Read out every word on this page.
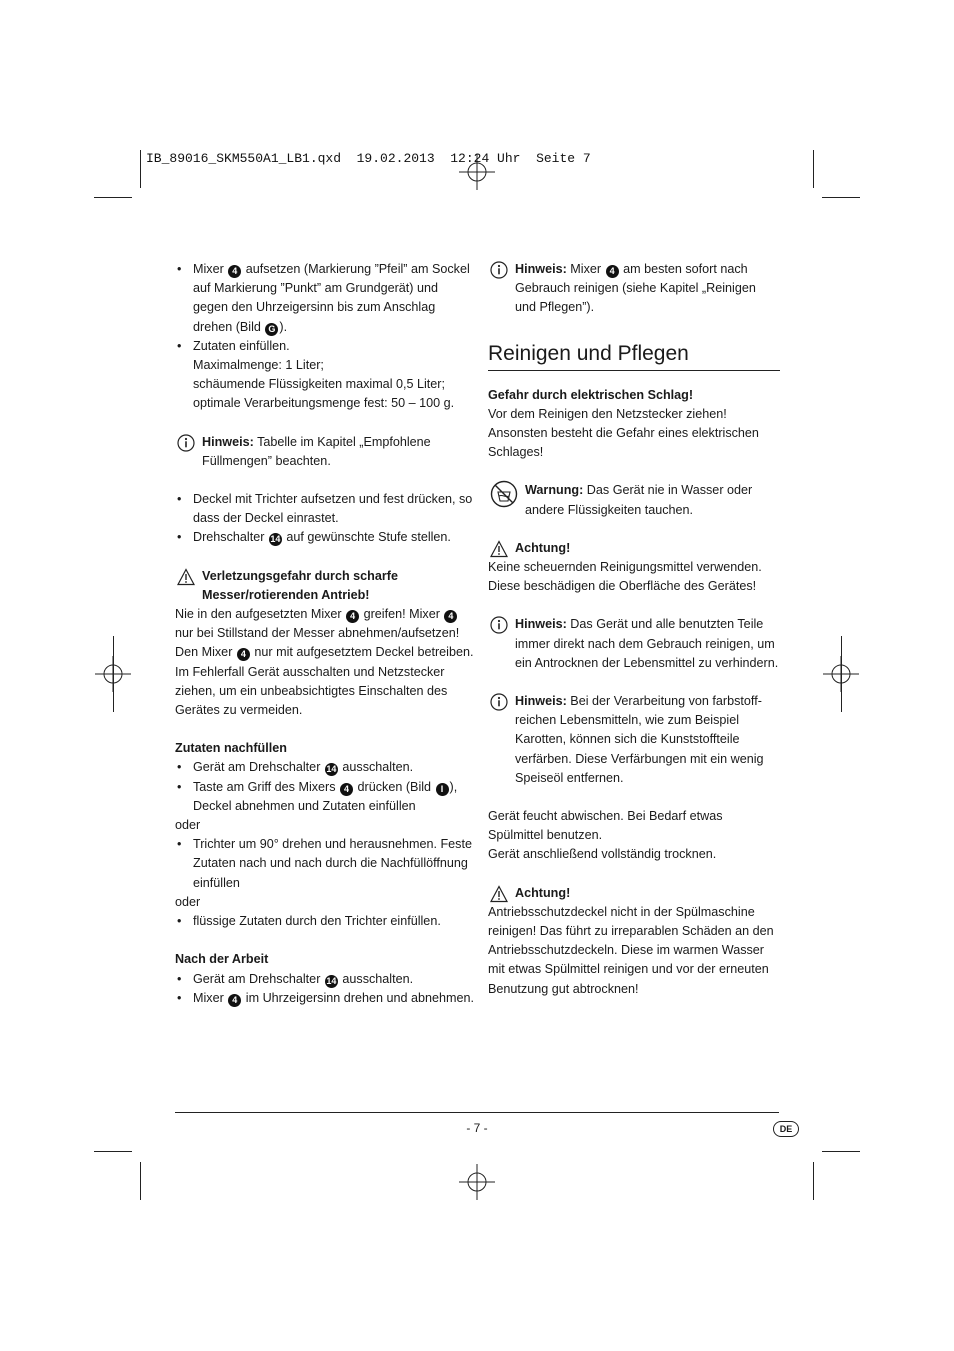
IB_89016_SKM550A1_LB1.qxd  19.02.2013  12:24 Uhr  Seite 7

• Mixer 4 aufsetzen (Markierung ”Pfeil” am Sockel auf Markierung ”Punkt” am Grundgerät) und gegen den Uhrzeigersinn bis zum Anschlag drehen (Bild G ).

• Zutaten einfüllen.
Maximalmenge: 1 Liter;
schäumende Flüssigkeiten maximal 0,5 Liter;
optimale Verarbeitungsmenge fest: 50 – 100 g.

Hinweis: Tabelle im Kapitel „Empfohlene Füllmengen” beachten.

• Deckel mit Trichter aufsetzen und fest drücken, so dass der Deckel einrastet.

• Drehschalter 14 auf gewünschte Stufe stellen.

Verletzungsgefahr durch scharfe Messer/rotierenden Antrieb!

Nie in den aufgesetzten Mixer 4 greifen! Mixer 4 nur bei Stillstand der Messer abnehmen/aufsetzen! Den Mixer 4 nur mit aufgesetztem Deckel betreiben.

Im Fehlerfall Gerät ausschalten und Netzstecker ziehen, um ein unbeabsichtigtes Einschalten des Gerätes zu vermeiden.

Zutaten nachfüllen

• Gerät am Drehschalter 14 ausschalten.

• Taste am Griff des Mixers 4 drücken (Bild I ), Deckel abnehmen und Zutaten einfüllen

oder

• Trichter um 90° drehen und herausnehmen. Feste Zutaten nach und nach durch die Nachfüllöffnung einfüllen

oder

• flüssige Zutaten durch den Trichter einfüllen.

Nach der Arbeit

• Gerät am Drehschalter 14 ausschalten.

• Mixer 4 im Uhrzeigersinn drehen und abnehmen.

Hinweis: Mixer 4 am besten sofort nach Gebrauch reinigen (siehe Kapitel „Reinigen und Pflegen”).

Reinigen und Pflegen

Gefahr durch elektrischen Schlag!

Vor dem Reinigen den Netzstecker ziehen! Ansonsten besteht die Gefahr eines elektrischen Schlages!

Warnung: Das Gerät nie in Wasser oder andere Flüssigkeiten tauchen.

Achtung!

Keine scheuernden Reinigungsmittel verwenden. Diese beschädigen die Oberfläche des Gerätes!

Hinweis: Das Gerät und alle benutzten Teile immer direkt nach dem Gebrauch reinigen, um ein Antrocknen der Lebensmittel zu verhindern.

Hinweis: Bei der Verarbeitung von farbstoffreichen Lebensmitteln, wie zum Beispiel Karotten, können sich die Kunststoffteile verfärben. Diese Verfärbungen mit ein wenig Speiseöl entfernen.

Gerät feucht abwischen. Bei Bedarf etwas Spülmittel benutzen.

Gerät anschließend vollständig trocknen.

Achtung!

Antriebsschutzdeckel nicht in der Spülmaschine reinigen! Das führt zu irreparablen Schäden an den Antriebsschutzdeckeln. Diese im warmen Wasser mit etwas Spülmittel reinigen und vor der erneuten Benutzung gut abtrocknen!

- 7 -	DE
